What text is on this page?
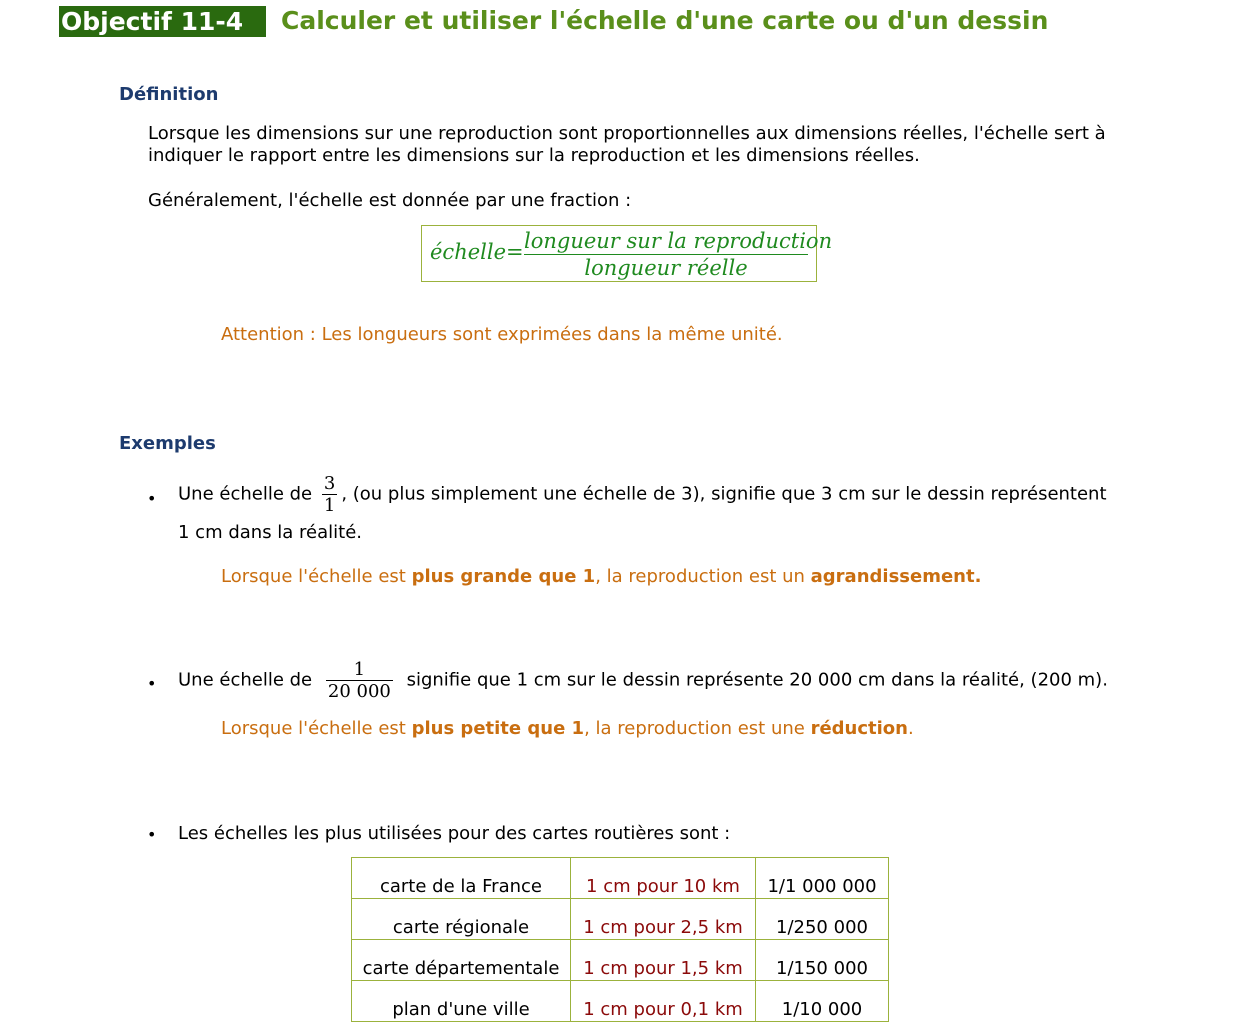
Objectif 11-4	Calculer et utiliser l'échelle d'une carte ou d'un dessin
Définition
Lorsque les dimensions sur une reproduction sont proportionnelles aux dimensions réelles, l'échelle sert à indiquer le rapport entre les dimensions sur la reproduction et les dimensions réelles.
Généralement, l'échelle est donnée par une fraction :
échelle= longueur sur la reproduction
longueur réelle
Attention : Les longueurs sont exprimées dans la même unité.
Exemples
• Une échelle de $\frac{3}{1}$ , (ou plus simplement une échelle de 3), signifie que 3 cm sur le dessin représentent
1 cm dans la réalité.
Lorsque l'échelle est plus grande que 1, la reproduction est un agrandissement.
• Une échelle de $\frac{1}{20 000}$ signifie que 1 cm sur le dessin représente 20 000 cm dans la réalité, (200 m).
Lorsque l'échelle est plus petite que 1, la reproduction est une réduction.
• Les échelles les plus utilisées pour des cartes routières sont :
carte de la France	1 cm pour 10 km	1/1 000 000
carte régionale	1 cm pour 2,5 km	1/250 000
carte départementale	1 cm pour 1,5 km	1/150 000
plan d'une ville	1 cm pour 0,1 km	1/10 000
